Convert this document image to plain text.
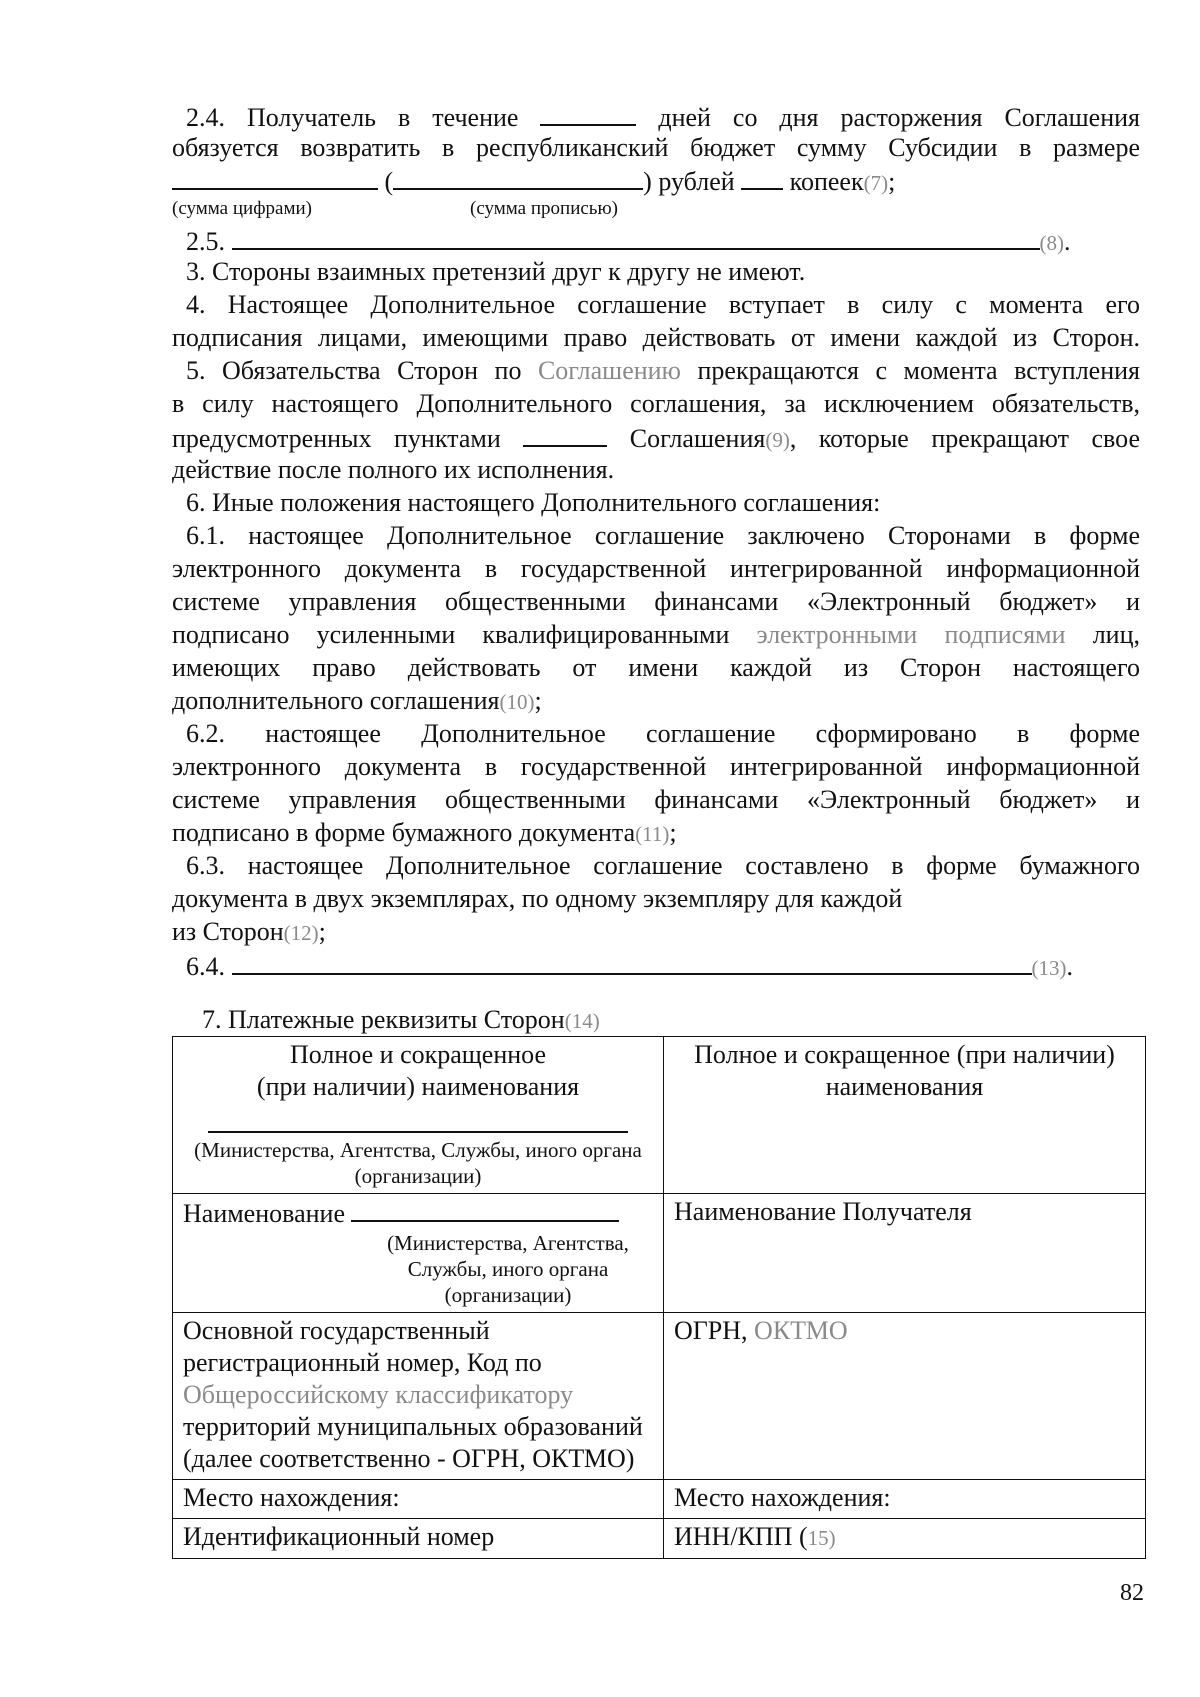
2.4. Получатель в течение	дней со дня расторжения Соглашения
обязуется возвратить в республиканский бюджет сумму Субсидии в размере
(	) рублей копеек(7);
(сумма цифрами)	(сумма прописью)
2.5.	(8).
3. Стороны взаимных претензий друг к другу не имеют.
4. Настоящее Дополнительное соглашение вступает в силу с момента его
подписания лицами, имеющими право действовать от имени каждой из Сторон.
5. Обязательства Сторон по Соглашению прекращаются с момента вступления
в силу настоящего Дополнительного соглашения, за исключением обязательств,
предусмотренных пунктами	Соглашения(9), которые прекращают свое
действие после полного их исполнения.
6. Иные положения настоящего Дополнительного соглашения:
6.1. настоящее Дополнительное соглашение заключено Сторонами в форме
электронного документа в государственной интегрированной информационной
системе управления общественными финансами «Электронный бюджет» и
подписано усиленными квалифицированными электронными подписями лиц,
имеющих право действовать от имени каждой из Сторон настоящего
дополнительного соглашения(10);
6.2. настоящее Дополнительное соглашение сформировано в форме
электронного документа в государственной интегрированной информационной
системе управления общественными финансами «Электронный бюджет» и
подписано в форме бумажного документа(11);
6.3. настоящее Дополнительное соглашение составлено в форме бумажного
документа в двух экземплярах, по одному экземпляру для каждой
из Сторон(12);
6.4.	(13).
7. Платежные реквизиты Сторон(14)
Полное и сокращенное
(при наличии) наименования
(Министерства, Агентства, Службы, иного органа (организации)	Полное и сокращенное (при наличии) наименования

Наименование
(Министерства, Агентства, Службы, иного органа (организации)	Наименование Получателя
Основной государственный регистрационный номер, Код по Общероссийскому классификатору территорий муниципальных образований (далее соответственно - ОГРН, ОКТМО)	ОГРН, ОКТМО
Место нахождения:	Место нахождения:
Идентификационный номер	ИНН/КПП (15)
82
